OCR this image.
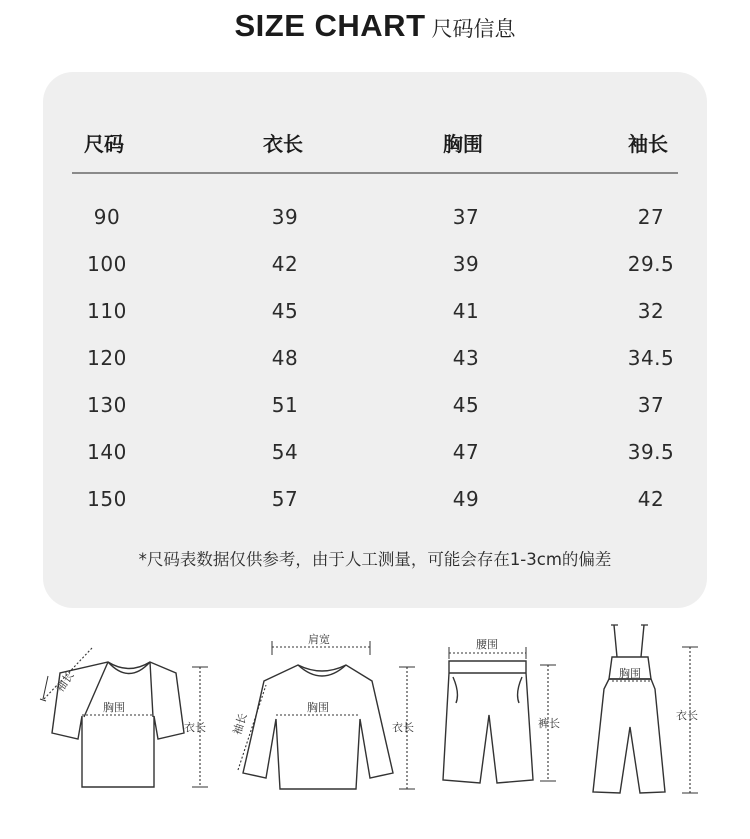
SIZE CHART 尺码信息
尺码	衣长	胸围	袖长
90	39	37	27
100	42	39	29.5
110	45	41	32
120	48	43	34.5
130	51	45	37
140	54	47	39.5
150	57	49	42
*尺码表数据仅供参考，由于人工测量，可能会存在1-3cm的偏差
袖长
胸围
衣长
肩宽
袖长
胸围
衣长
腰围
裤长
胸围
衣长
